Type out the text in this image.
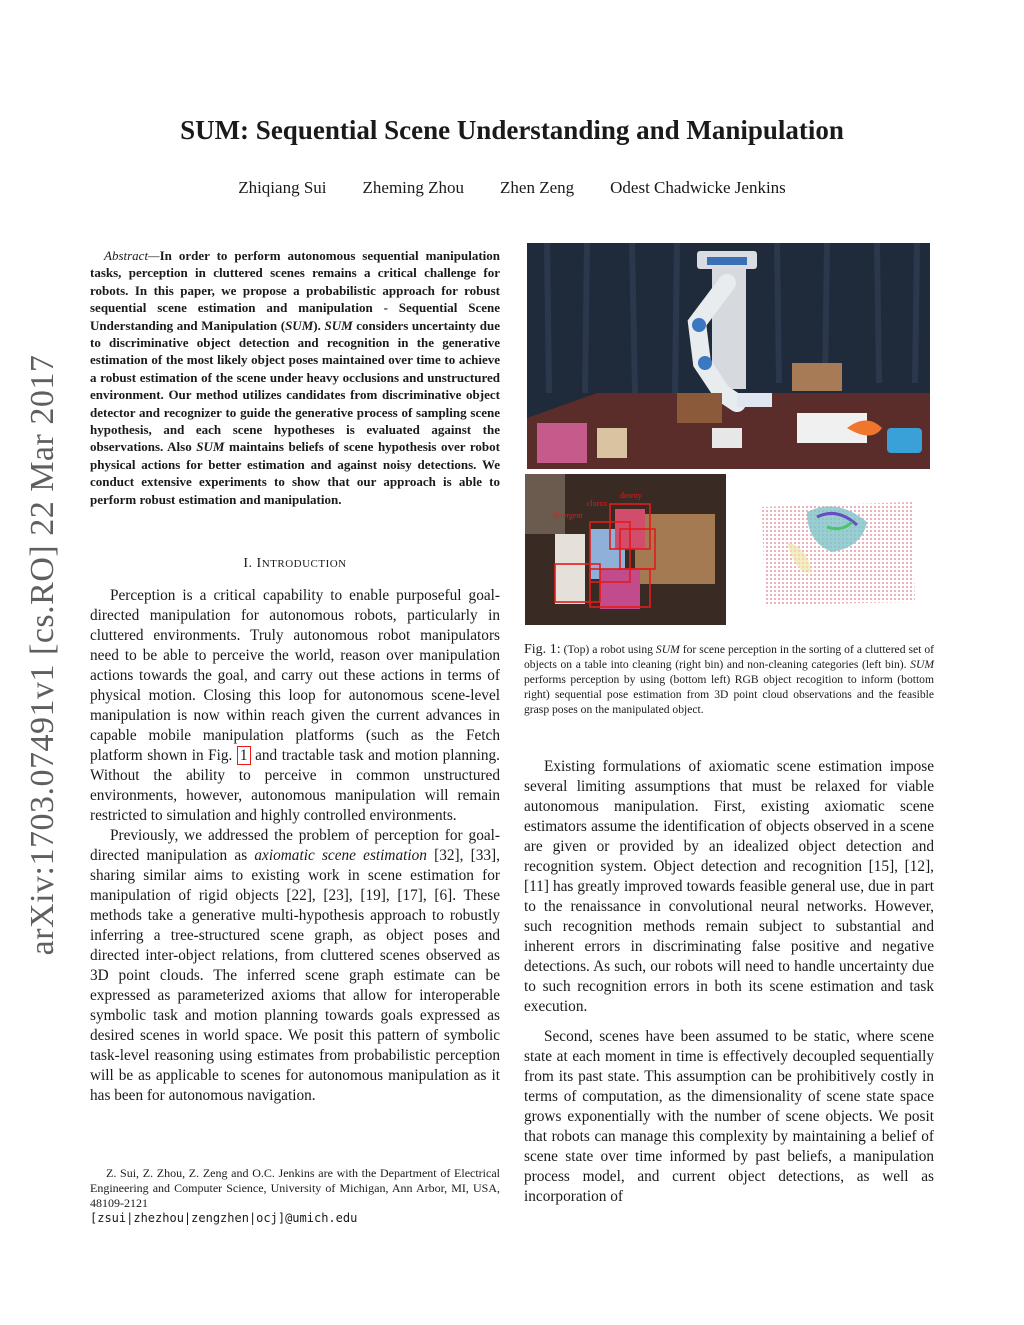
arXiv:1703.07491v1 [cs.RO] 22 Mar 2017
SUM: Sequential Scene Understanding and Manipulation
Zhiqiang Sui Zheming Zhou Zhen Zeng Odest Chadwicke Jenkins
Abstract—In order to perform autonomous sequential manipulation tasks, perception in cluttered scenes remains a critical challenge for robots. In this paper, we propose a probabilistic approach for robust sequential scene estimation and manipulation - Sequential Scene Understanding and Manipulation (SUM). SUM considers uncertainty due to discriminative object detection and recognition in the generative estimation of the most likely object poses maintained over time to achieve a robust estimation of the scene under heavy occlusions and unstructured environment. Our method utilizes candidates from discriminative object detector and recognizer to guide the generative process of sampling scene hypothesis, and each scene hypotheses is evaluated against the observations. Also SUM maintains beliefs of scene hypothesis over robot physical actions for better estimation and against noisy detections. We conduct extensive experiments to show that our approach is able to perform robust estimation and manipulation.
I. INTRODUCTION

Perception is a critical capability to enable purposeful goal-directed manipulation for autonomous robots, particularly in cluttered environments. Truly autonomous robot manipulators need to be able to perceive the world, reason over manipulation actions towards the goal, and carry out these actions in terms of physical motion. Closing this loop for autonomous scene-level manipulation is now within reach given the current advances in capable mobile manipulation platforms (such as the Fetch platform shown in Fig. 1 and tractable task and motion planning. Without the ability to perceive in common unstructured environments, however, autonomous manipulation will remain restricted to simulation and highly controlled environments.

Previously, we addressed the problem of perception for goal-directed manipulation as axiomatic scene estimation [32], [33], sharing similar aims to existing work in scene estimation for manipulation of rigid objects [22], [23], [19], [17], [6]. These methods take a generative multi-hypothesis approach to robustly inferring a tree-structured scene graph, as object poses and directed inter-object relations, from cluttered scenes observed as 3D point clouds. The inferred scene graph estimate can be expressed as parameterized axioms that allow for interoperable symbolic task and motion planning towards goals expressed as desired scenes in world space. We posit this pattern of symbolic task-level reasoning using estimates from probabilistic perception will be as applicable to scenes for autonomous manipulation as it has been for autonomous navigation.

Z. Sui, Z. Zhou, Z. Zeng and O.C. Jenkins are with the Department of Electrical Engineering and Computer Science, University of Michigan, Ann Arbor, MI, USA, 48109-2121
[zsui|zhezhou|zengzhen|ocj]@umich.edu
clorox
detergent
downy
Fig. 1: (Top) a robot using SUM for scene perception in the sorting of a cluttered set of objects on a table into cleaning (right bin) and non-cleaning categories (left bin). SUM performs perception by using (bottom left) RGB object recogition to inform (bottom right) sequential pose estimation from 3D point cloud observations and the feasible grasp poses on the manipulated object.

Existing formulations of axiomatic scene estimation impose several limiting assumptions that must be relaxed for viable autonomous manipulation. First, existing axiomatic scene estimators assume the identification of objects observed in a scene are given or provided by an idealized object detection and recognition system. Object detection and recognition [15], [12], [11] has greatly improved towards feasible general use, due in part to the renaissance in convolutional neural networks. However, such recognition methods remain subject to substantial and inherent errors in discriminating false positive and negative detections. As such, our robots will need to handle uncertainty due to such recognition errors in both its scene estimation and task execution.

Second, scenes have been assumed to be static, where scene state at each moment in time is effectively decoupled sequentially from its past state. This assumption can be prohibitively costly in terms of computation, as the dimensionality of scene state space grows exponentially with the number of scene objects. We posit that robots can manage this complexity by maintaining a belief of scene state over time informed by past beliefs, a manipulation process model, and current object detections, as well as incorporation of
